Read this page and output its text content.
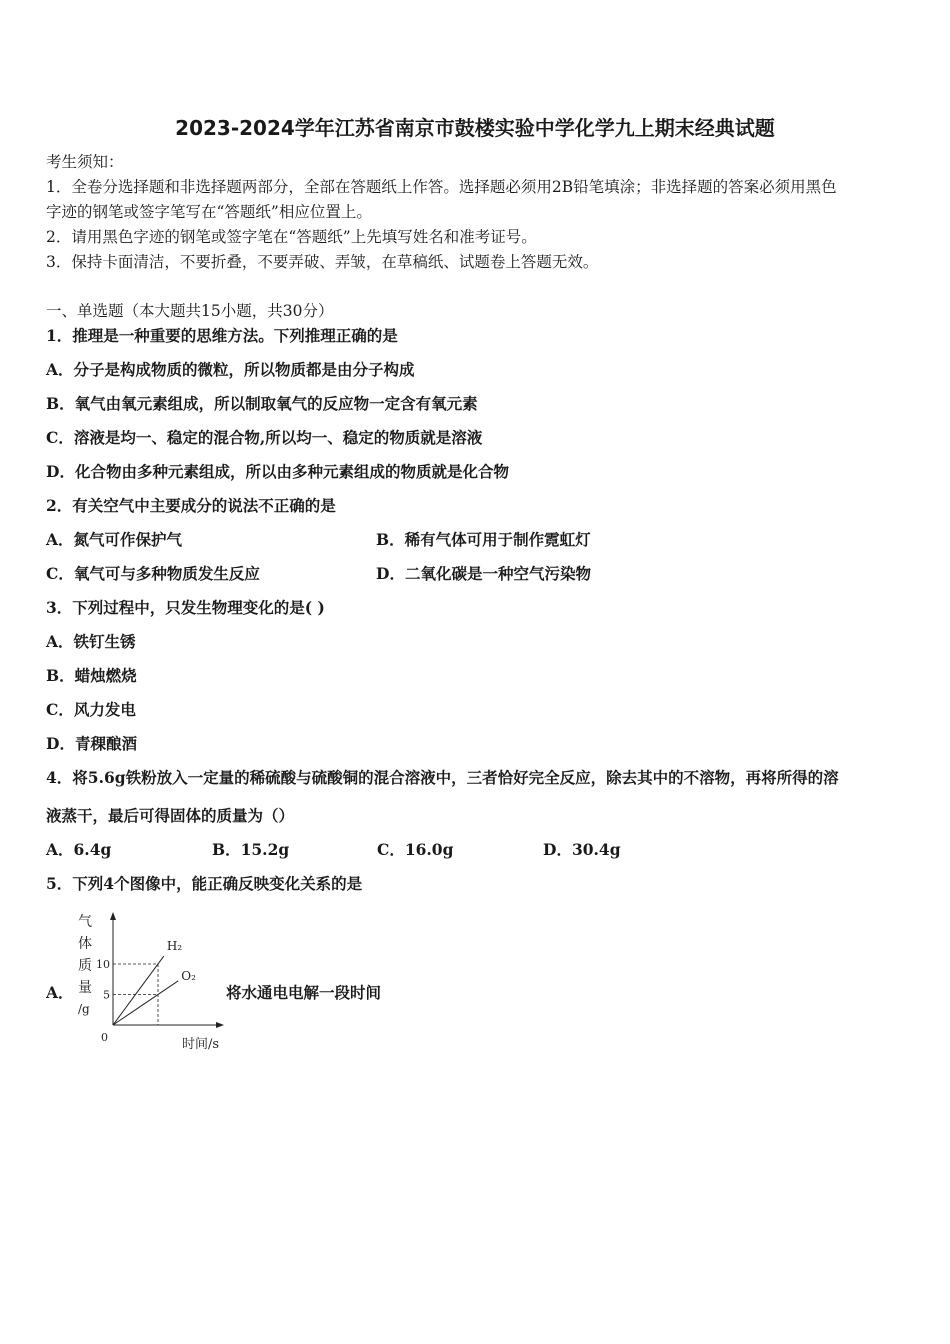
2023-2024学年江苏省南京市鼓楼实验中学化学九上期末经典试题
考生须知：
1．全卷分选择题和非选择题两部分，全部在答题纸上作答。选择题必须用2B铅笔填涂；非选择题的答案必须用黑色
字迹的钢笔或签字笔写在“答题纸”相应位置上。
2．请用黑色字迹的钢笔或签字笔在“答题纸”上先填写姓名和准考证号。
3．保持卡面清洁，不要折叠，不要弄破、弄皱，在草稿纸、试题卷上答题无效。
一、单选题（本大题共15小题，共30分）
1．推理是一种重要的思维方法。下列推理正确的是
A．分子是构成物质的微粒，所以物质都是由分子构成
B．氧气由氧元素组成，所以制取氧气的反应物一定含有氧元素
C．溶液是均一、稳定的混合物,所以均一、稳定的物质就是溶液
D．化合物由多种元素组成，所以由多种元素组成的物质就是化合物
2．有关空气中主要成分的说法不正确的是
A．氮气可作保护气	B．稀有气体可用于制作霓虹灯
C．氧气可与多种物质发生反应	D．二氧化碳是一种空气污染物
3．下列过程中，只发生物理变化的是( )
A．铁钉生锈
B．蜡烛燃烧
C．风力发电
D．青稞酿酒
4．将5.6g铁粉放入一定量的稀硫酸与硫酸铜的混合溶液中，三者恰好完全反应，除去其中的不溶物，再将所得的溶
液蒸干，最后可得固体的质量为（）
A．6.4g	B．15.2g	C．16.0g	D．30.4g
5．下列4个图像中，能正确反映变化关系的是
A．	将水通电电解一段时间
气
体
质
量
/g
10
5
H₂
O₂
0	时间/s
